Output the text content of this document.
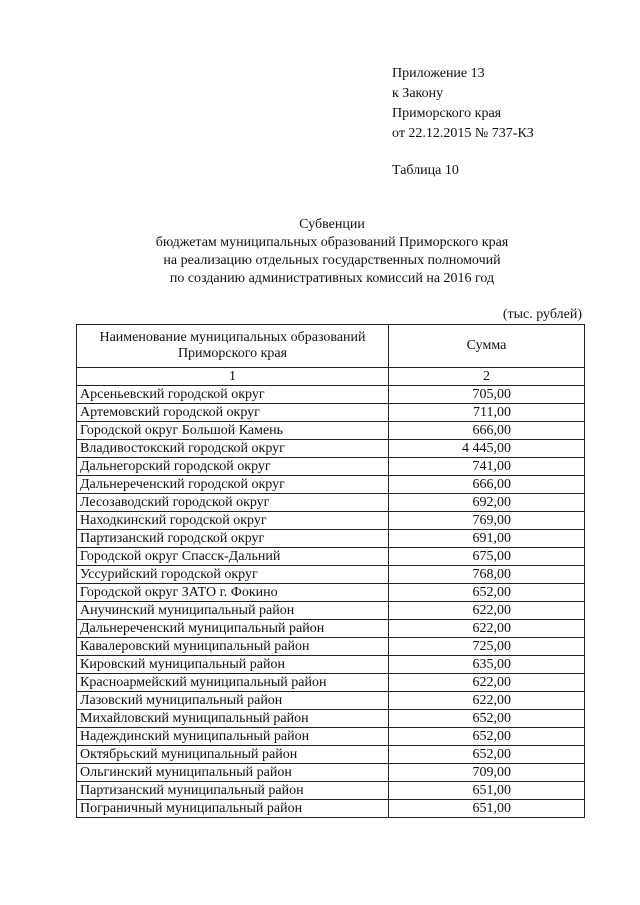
Приложение 13
к Закону
Приморского края
от 22.12.2015 № 737-КЗ
Таблица 10
Субвенции
бюджетам муниципальных образований Приморского края
на реализацию отдельных государственных полномочий
по созданию административных комиссий на 2016 год
(тыс. рублей)
Наименование муниципальных образований
Приморского края	Сумма
1	2
Арсеньевский городской округ	705,00
Артемовский городской округ	711,00
Городской округ Большой Камень	666,00
Владивостокский городской округ	4 445,00
Дальнегорский городской округ	741,00
Дальнереченский городской округ	666,00
Лесозаводский городской округ	692,00
Находкинский городской округ	769,00
Партизанский городской округ	691,00
Городской округ Спасск-Дальний	675,00
Уссурийский городской округ	768,00
Городской округ ЗАТО г. Фокино	652,00
Анучинский муниципальный район	622,00
Дальнереченский муниципальный район	622,00
Кавалеровский муниципальный район	725,00
Кировский муниципальный район	635,00
Красноармейский муниципальный район	622,00
Лазовский муниципальный район	622,00
Михайловский муниципальный район	652,00
Надеждинский муниципальный район	652,00
Октябрьский муниципальный район	652,00
Ольгинский муниципальный район	709,00
Партизанский муниципальный район	651,00
Пограничный муниципальный район	651,00
